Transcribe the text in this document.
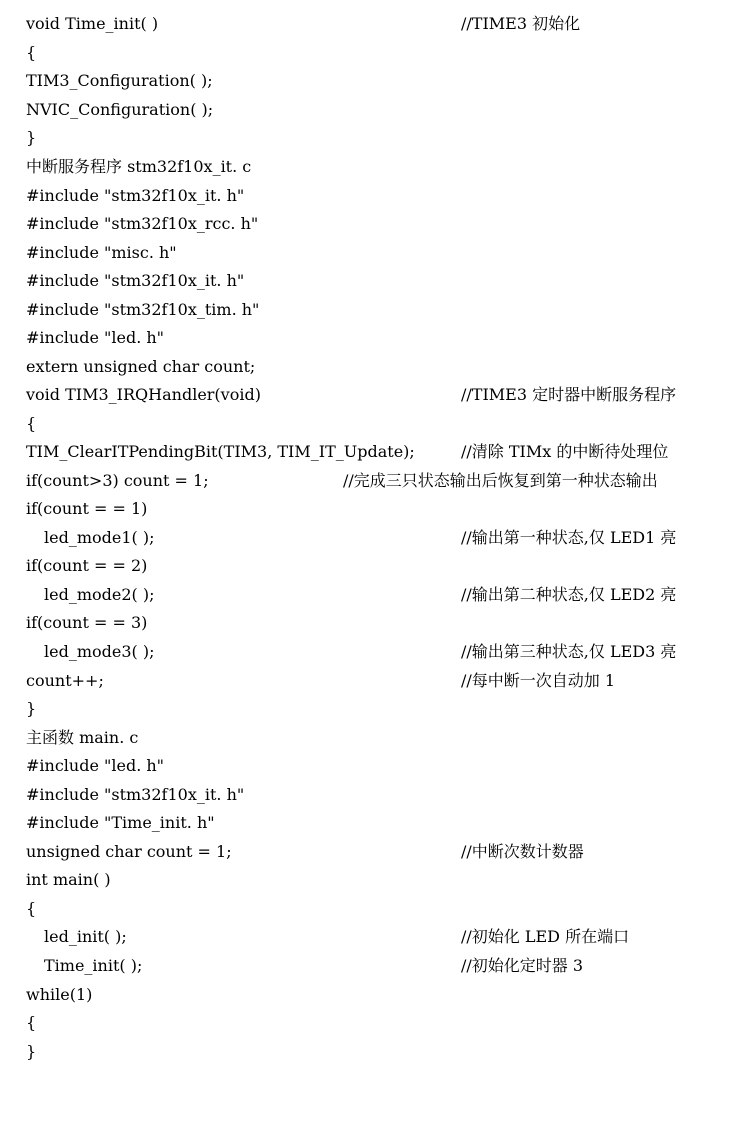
void Time_init( )

	//TIME3 初始化

{

TIM3_Configuration( );

NVIC_Configuration( );

}

中断服务程序 stm32f10x_it. c

#include "stm32f10x_it. h"

#include "stm32f10x_rcc. h"

#include "misc. h"

#include "stm32f10x_it. h"

#include "stm32f10x_tim. h"

#include "led. h"

extern unsigned char count;

void TIM3_IRQHandler(void)

	//TIME3 定时器中断服务程序

{

TIM_ClearITPendingBit(TIM3, TIM_IT_Update);

	//清除 TIMx 的中断待处理位

if(count>3) count = 1;

	//完成三只状态输出后恢复到第一种状态输出

if(count = = 1)

led_mode1( );

	//输出第一种状态,仅 LED1 亮

if(count = = 2)

led_mode2( );

	//输出第二种状态,仅 LED2 亮

if(count = = 3)

led_mode3( );

	//输出第三种状态,仅 LED3 亮

count++;

	//每中断一次自动加 1

}

主函数 main. c

#include "led. h"

#include "stm32f10x_it. h"

#include "Time_init. h"

unsigned char count = 1;

	//中断次数计数器

int main( )

{

led_init( );

	//初始化 LED 所在端口

Time_init( );

	//初始化定时器 3

while(1)

{

}
